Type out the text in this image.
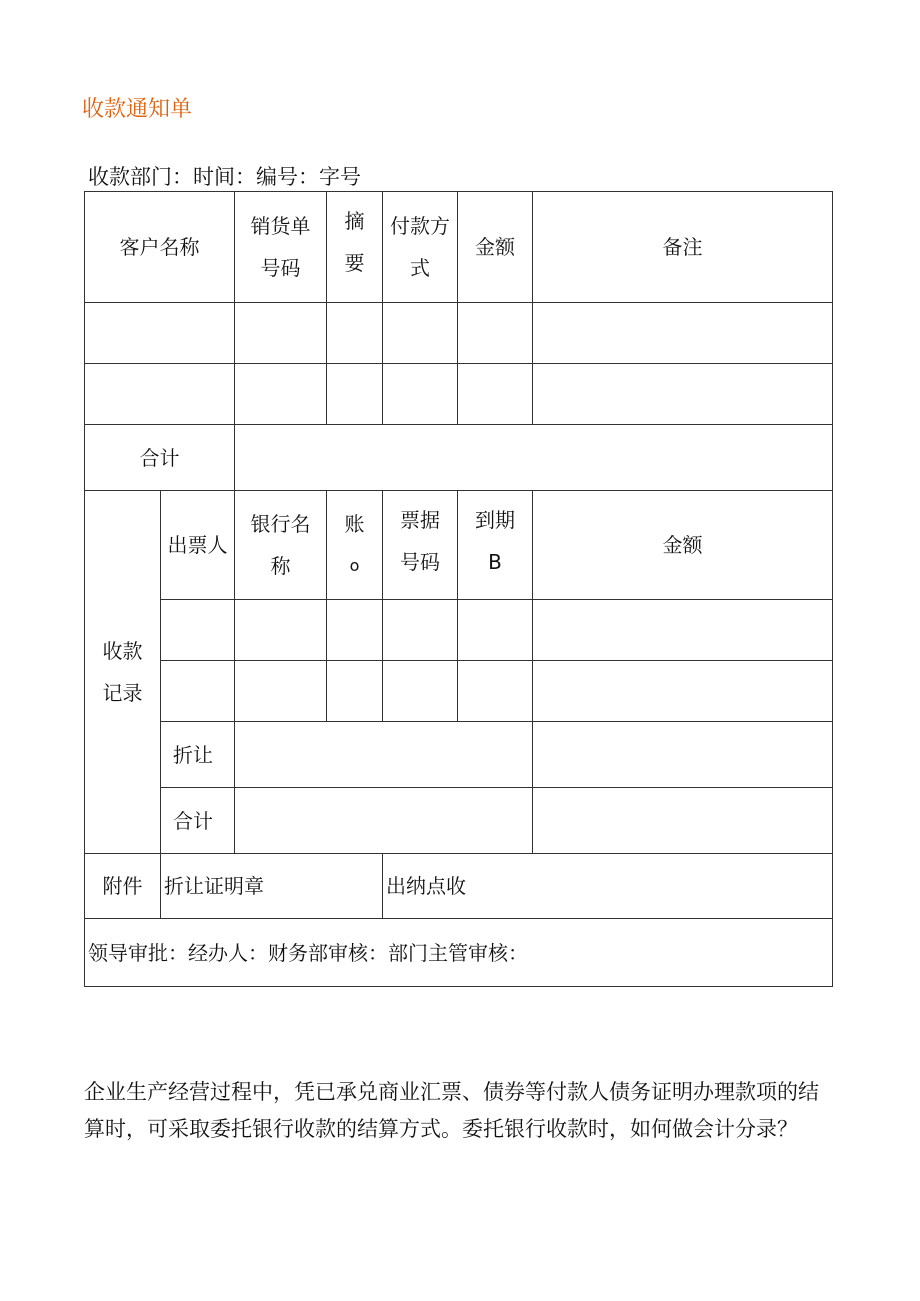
收款通知单
收款部门：时间：编号：字号
客户名称
销货单
号码
摘
要
付款方
式
金额	备注
合计
收款
记录
出票人
银行名
称
账
o
票据
号码
到期
B
金额
折让
合计
附件 折让证明章	出纳点收
领导审批：经办人：财务部审核：部门主管审核：
企业生产经营过程中，凭已承兑商业汇票、债券等付款人债务证明办理款项的结算时，可采取委托银行收款的结算方式。委托银行收款时，如何做会计分录？
